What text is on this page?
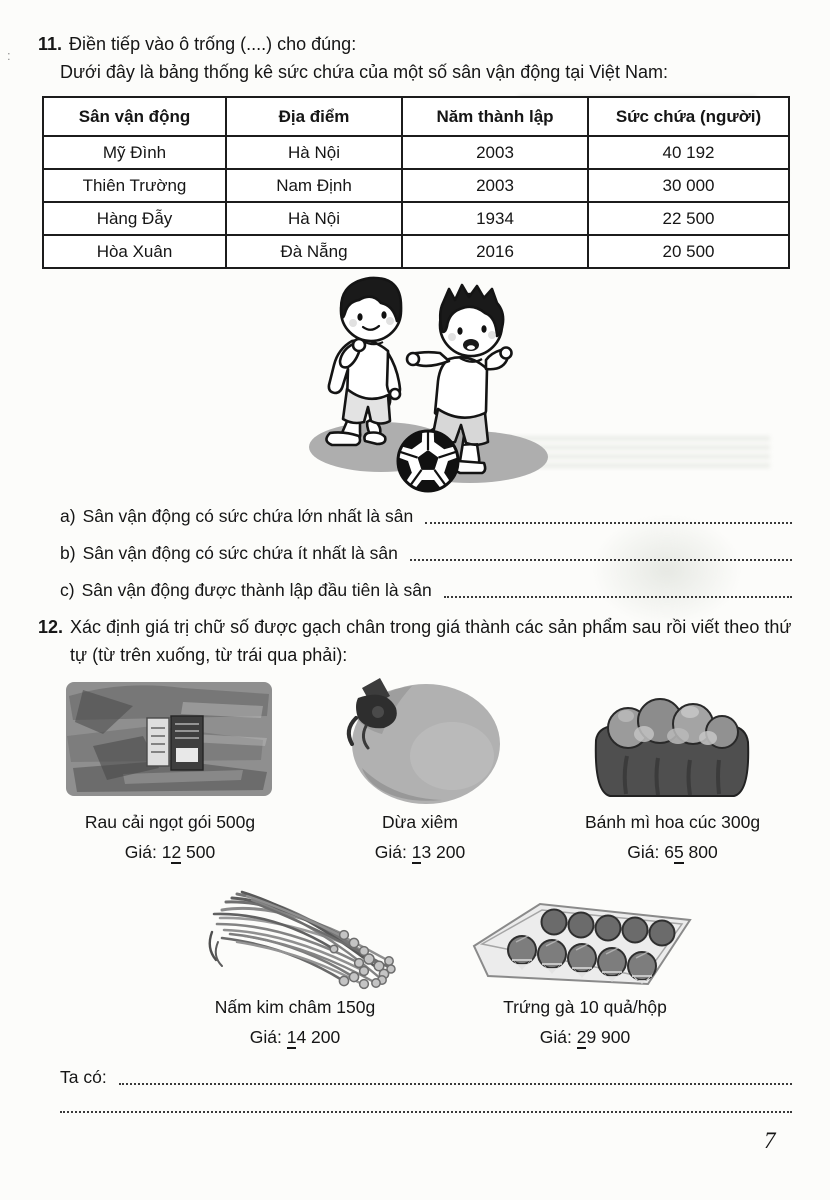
:
11. Điền tiếp vào ô trống (....) cho đúng:
Dưới đây là bảng thống kê sức chứa của một số sân vận động tại Việt Nam:
Sân vận động	Địa điểm	Năm thành lập	Sức chứa (người)
Mỹ Đình	Hà Nội	2003	40 192
Thiên Trường	Nam Định	2003	30 000
Hàng Đẫy	Hà Nội	1934	22 500
Hòa Xuân	Đà Nẵng	2016	20 500
a) Sân vận động có sức chứa lớn nhất là sân
b) Sân vận động có sức chứa ít nhất là sân
c) Sân vận động được thành lập đầu tiên là sân
12. Xác định giá trị chữ số được gạch chân trong giá thành các sản phẩm sau rồi viết theo thứ tự (từ trên xuống, từ trái qua phải):
Rau cải ngọt gói 500g
Giá: 12 500
Dừa xiêm
Giá: 13 200
Bánh mì hoa cúc 300g
Giá: 65 800
Nấm kim châm 150g
Giá: 14 200
Trứng gà 10 quả/hộp
Giá: 29 900
Ta có:
7
